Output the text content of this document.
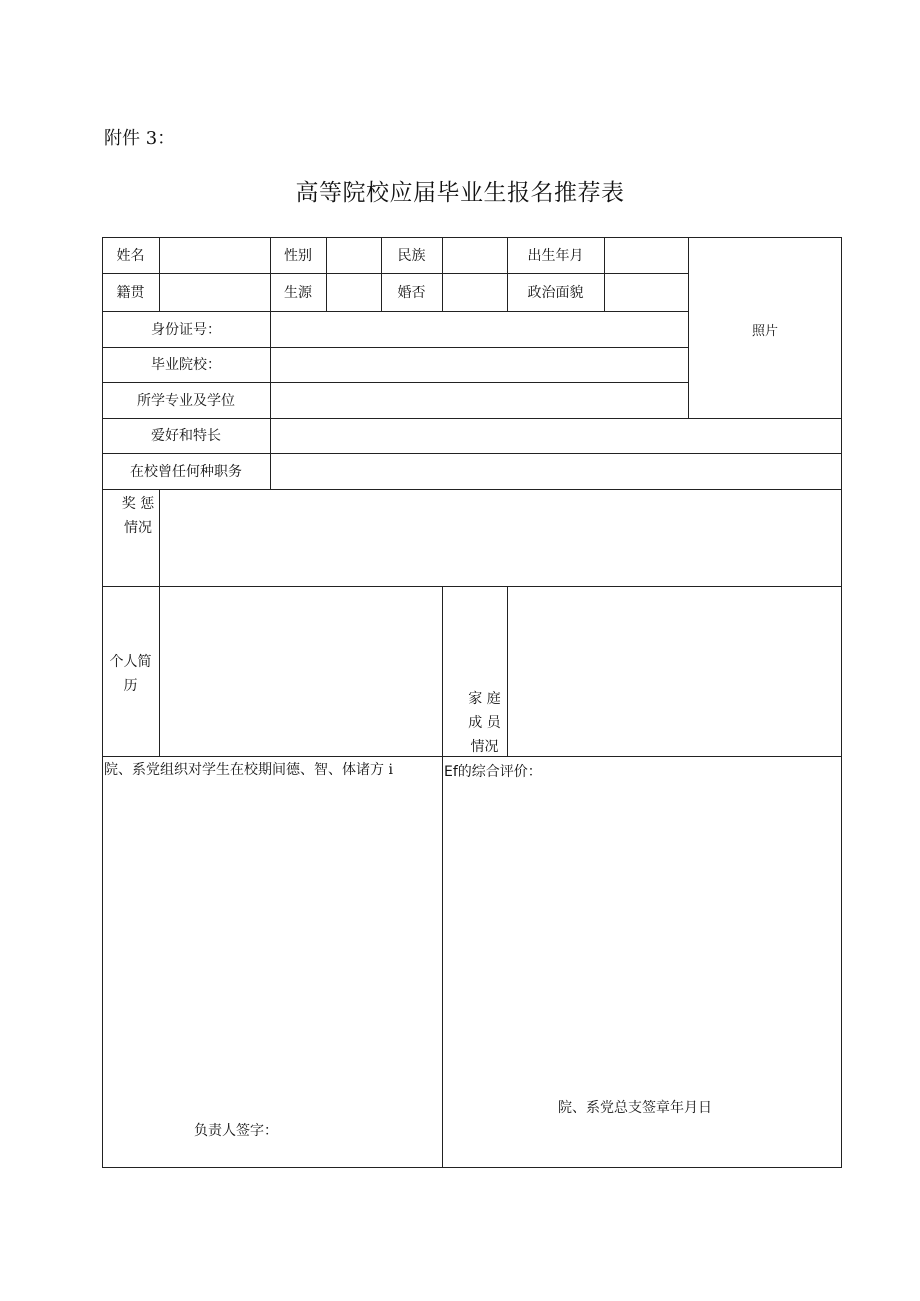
附件 3：
高等院校应届毕业生报名推荐表
姓名	性别	民族	出生年月
籍贯	生源	婚否	政治面貌
照片
身份证号：
毕业院校：
所学专业及学位
爱好和特长
在校曾任何种职务
奖 惩
情况
个人简
历
家 庭
成 员
情况
院、系党组织对学生在校期间德、智、体诸方 i	Ef的综合评价：
负责人签字：
院、系党总支签章年月日
